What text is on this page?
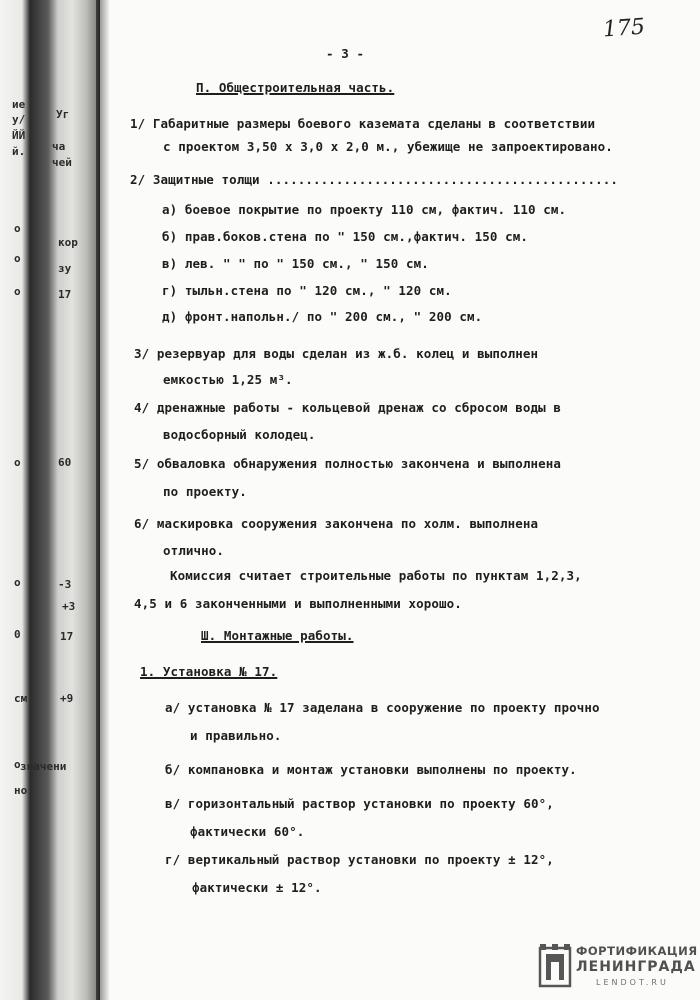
ие
у/
ЙЙ
й.
Уг
ча
чей
о
о
о
кор
зу
17
о	60
о	-3
+3
0	17
см. +9
о значени
но.
175
- 3 -
П. Общестроительная часть.
1/ Габаритные размеры боевого каземата сделаны в соответствии
с проектом 3,50 х 3,0 х 2,0 м., убежище не запроектировано.
2/ Защитные толщи ..............................................
а) боевое покрытие по проекту 110 см, фактич. 110 см.
б) прав.боков.стена по " 150 см.,фактич. 150 см.
в) лев. " " по " 150 см., " 150 см.
г) тыльн.стена по " 120 см., " 120 см.
д) фронт.напольн./ по " 200 см., " 200 см.
3/ резервуар для воды сделан из ж.б. колец и выполнен
емкостью 1,25 м³.
4/ дренажные работы - кольцевой дренаж со сбросом воды в
водосборный колодец.
5/ обваловка обнаружения полностью закончена и выполнена
по проекту.
6/ маскировка сооружения закончена по холм. выполнена
отлично.
Комиссия считает строительные работы по пунктам 1,2,3,
4,5 и 6 законченными и выполненными хорошо.
Ш. Монтажные работы.
1. Установка № 17.
а/ установка № 17 заделана в сооружение по проекту прочно
и правильно.
б/ компановка и монтаж установки выполнены по проекту.
в/ горизонтальный раствор установки по проекту 60°,
фактически 60°.
г/ вертикальный раствор установки по проекту ± 12°,
фактически ± 12°.
ФОРТИФИКАЦИЯ
ЛЕНИНГРАДА
LENDOT.RU
